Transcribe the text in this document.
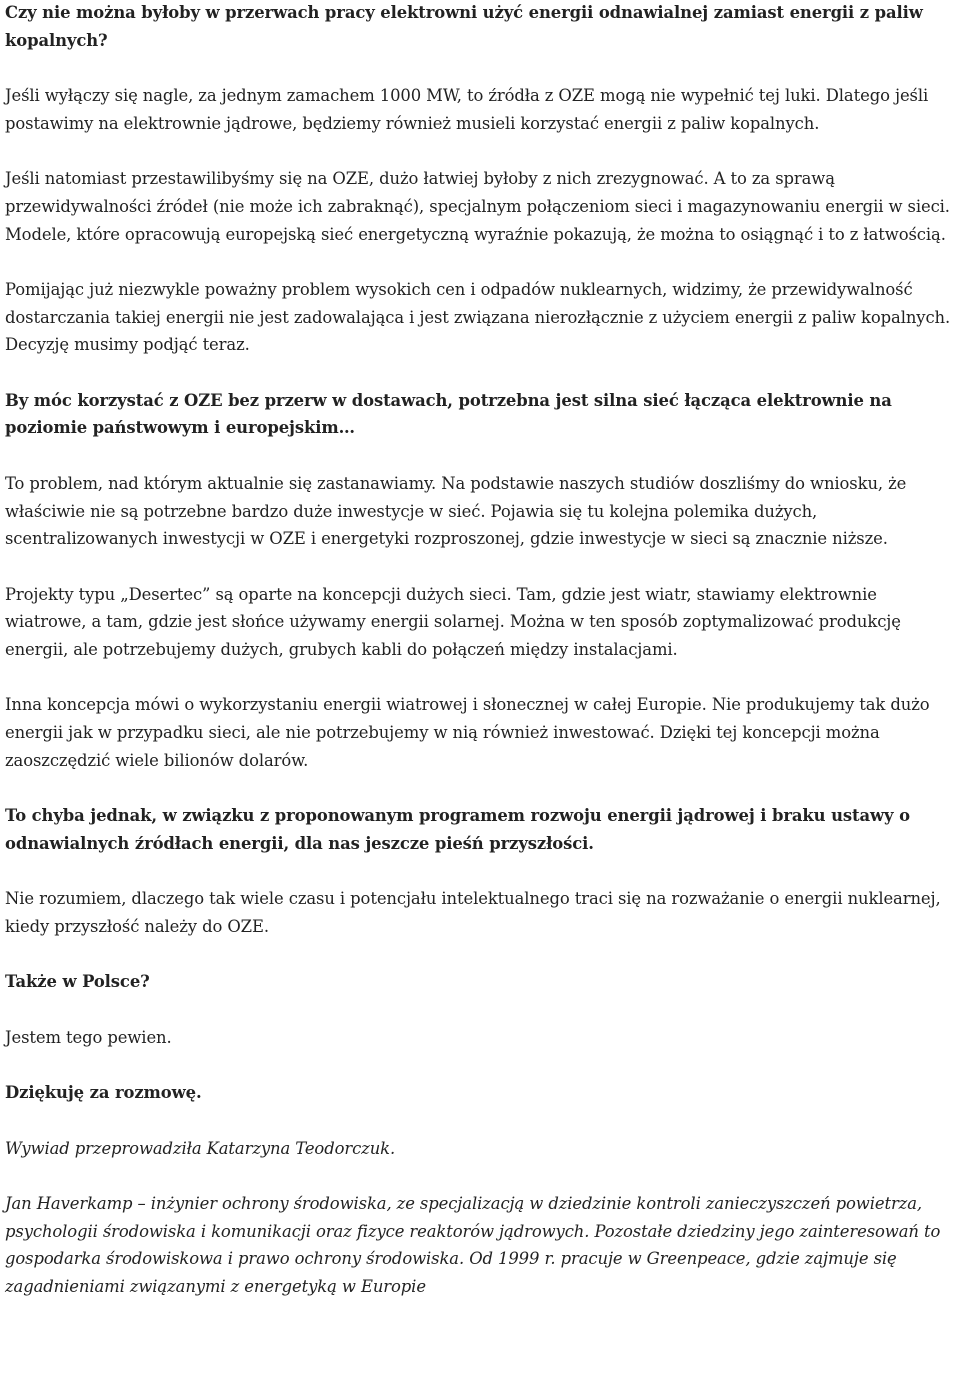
Czy nie można byłoby w przerwach pracy elektrowni użyć energii odnawialnej zamiast energii z paliw kopalnych?

Jeśli wyłączy się nagle, za jednym zamachem 1000 MW, to źródła z OZE mogą nie wypełnić tej luki. Dlatego jeśli postawimy na elektrownie jądrowe, będziemy również musieli korzystać energii z paliw kopalnych.

Jeśli natomiast przestawilibyśmy się na OZE, dużo łatwiej byłoby z nich zrezygnować. A to za sprawą przewidywalności źródeł (nie może ich zabraknąć), specjalnym połączeniom sieci i magazynowaniu energii w sieci. Modele, które opracowują europejską sieć energetyczną wyraźnie pokazują, że można to osiągnąć i to z łatwością.

Pomijając już niezwykle poważny problem wysokich cen i odpadów nuklearnych, widzimy, że przewidywalność dostarczania takiej energii nie jest zadowalająca i jest związana nierozłącznie z użyciem energii z paliw kopalnych. Decyzję musimy podjąć teraz.

By móc korzystać z OZE bez przerw w dostawach, potrzebna jest silna sieć łącząca elektrownie na poziomie państwowym i europejskim…

To problem, nad którym aktualnie się zastanawiamy. Na podstawie naszych studiów doszliśmy do wniosku, że właściwie nie są potrzebne bardzo duże inwestycje w sieć. Pojawia się tu kolejna polemika dużych, scentralizowanych inwestycji w OZE i energetyki rozproszonej, gdzie inwestycje w sieci są znacznie niższe.

Projekty typu „Desertec” są oparte na koncepcji dużych sieci. Tam, gdzie jest wiatr, stawiamy elektrownie wiatrowe, a tam, gdzie jest słońce używamy energii solarnej. Można w ten sposób zoptymalizować produkcję energii, ale potrzebujemy dużych, grubych kabli do połączeń między instalacjami.

Inna koncepcja mówi o wykorzystaniu energii wiatrowej i słonecznej w całej Europie. Nie produkujemy tak dużo energii jak w przypadku sieci, ale nie potrzebujemy w nią również inwestować. Dzięki tej koncepcji można zaoszczędzić wiele bilionów dolarów.

To chyba jednak, w związku z proponowanym programem rozwoju energii jądrowej i braku ustawy o odnawialnych źródłach energii, dla nas jeszcze pieśń przyszłości.

Nie rozumiem, dlaczego tak wiele czasu i potencjału intelektualnego traci się na rozważanie o energii nuklearnej, kiedy przyszłość należy do OZE.

Także w Polsce?

Jestem tego pewien.

Dziękuję za rozmowę.

Wywiad przeprowadziła Katarzyna Teodorczuk.

Jan Haverkamp – inżynier ochrony środowiska, ze specjalizacją w dziedzinie kontroli zanieczyszczeń powietrza, psychologii środowiska i komunikacji oraz fizyce reaktorów jądrowych. Pozostałe dziedziny jego zainteresowań to gospodarka środowiskowa i prawo ochrony środowiska. Od 1999 r. pracuje w Greenpeace, gdzie zajmuje się zagadnieniami związanymi z energetyką w Europie
